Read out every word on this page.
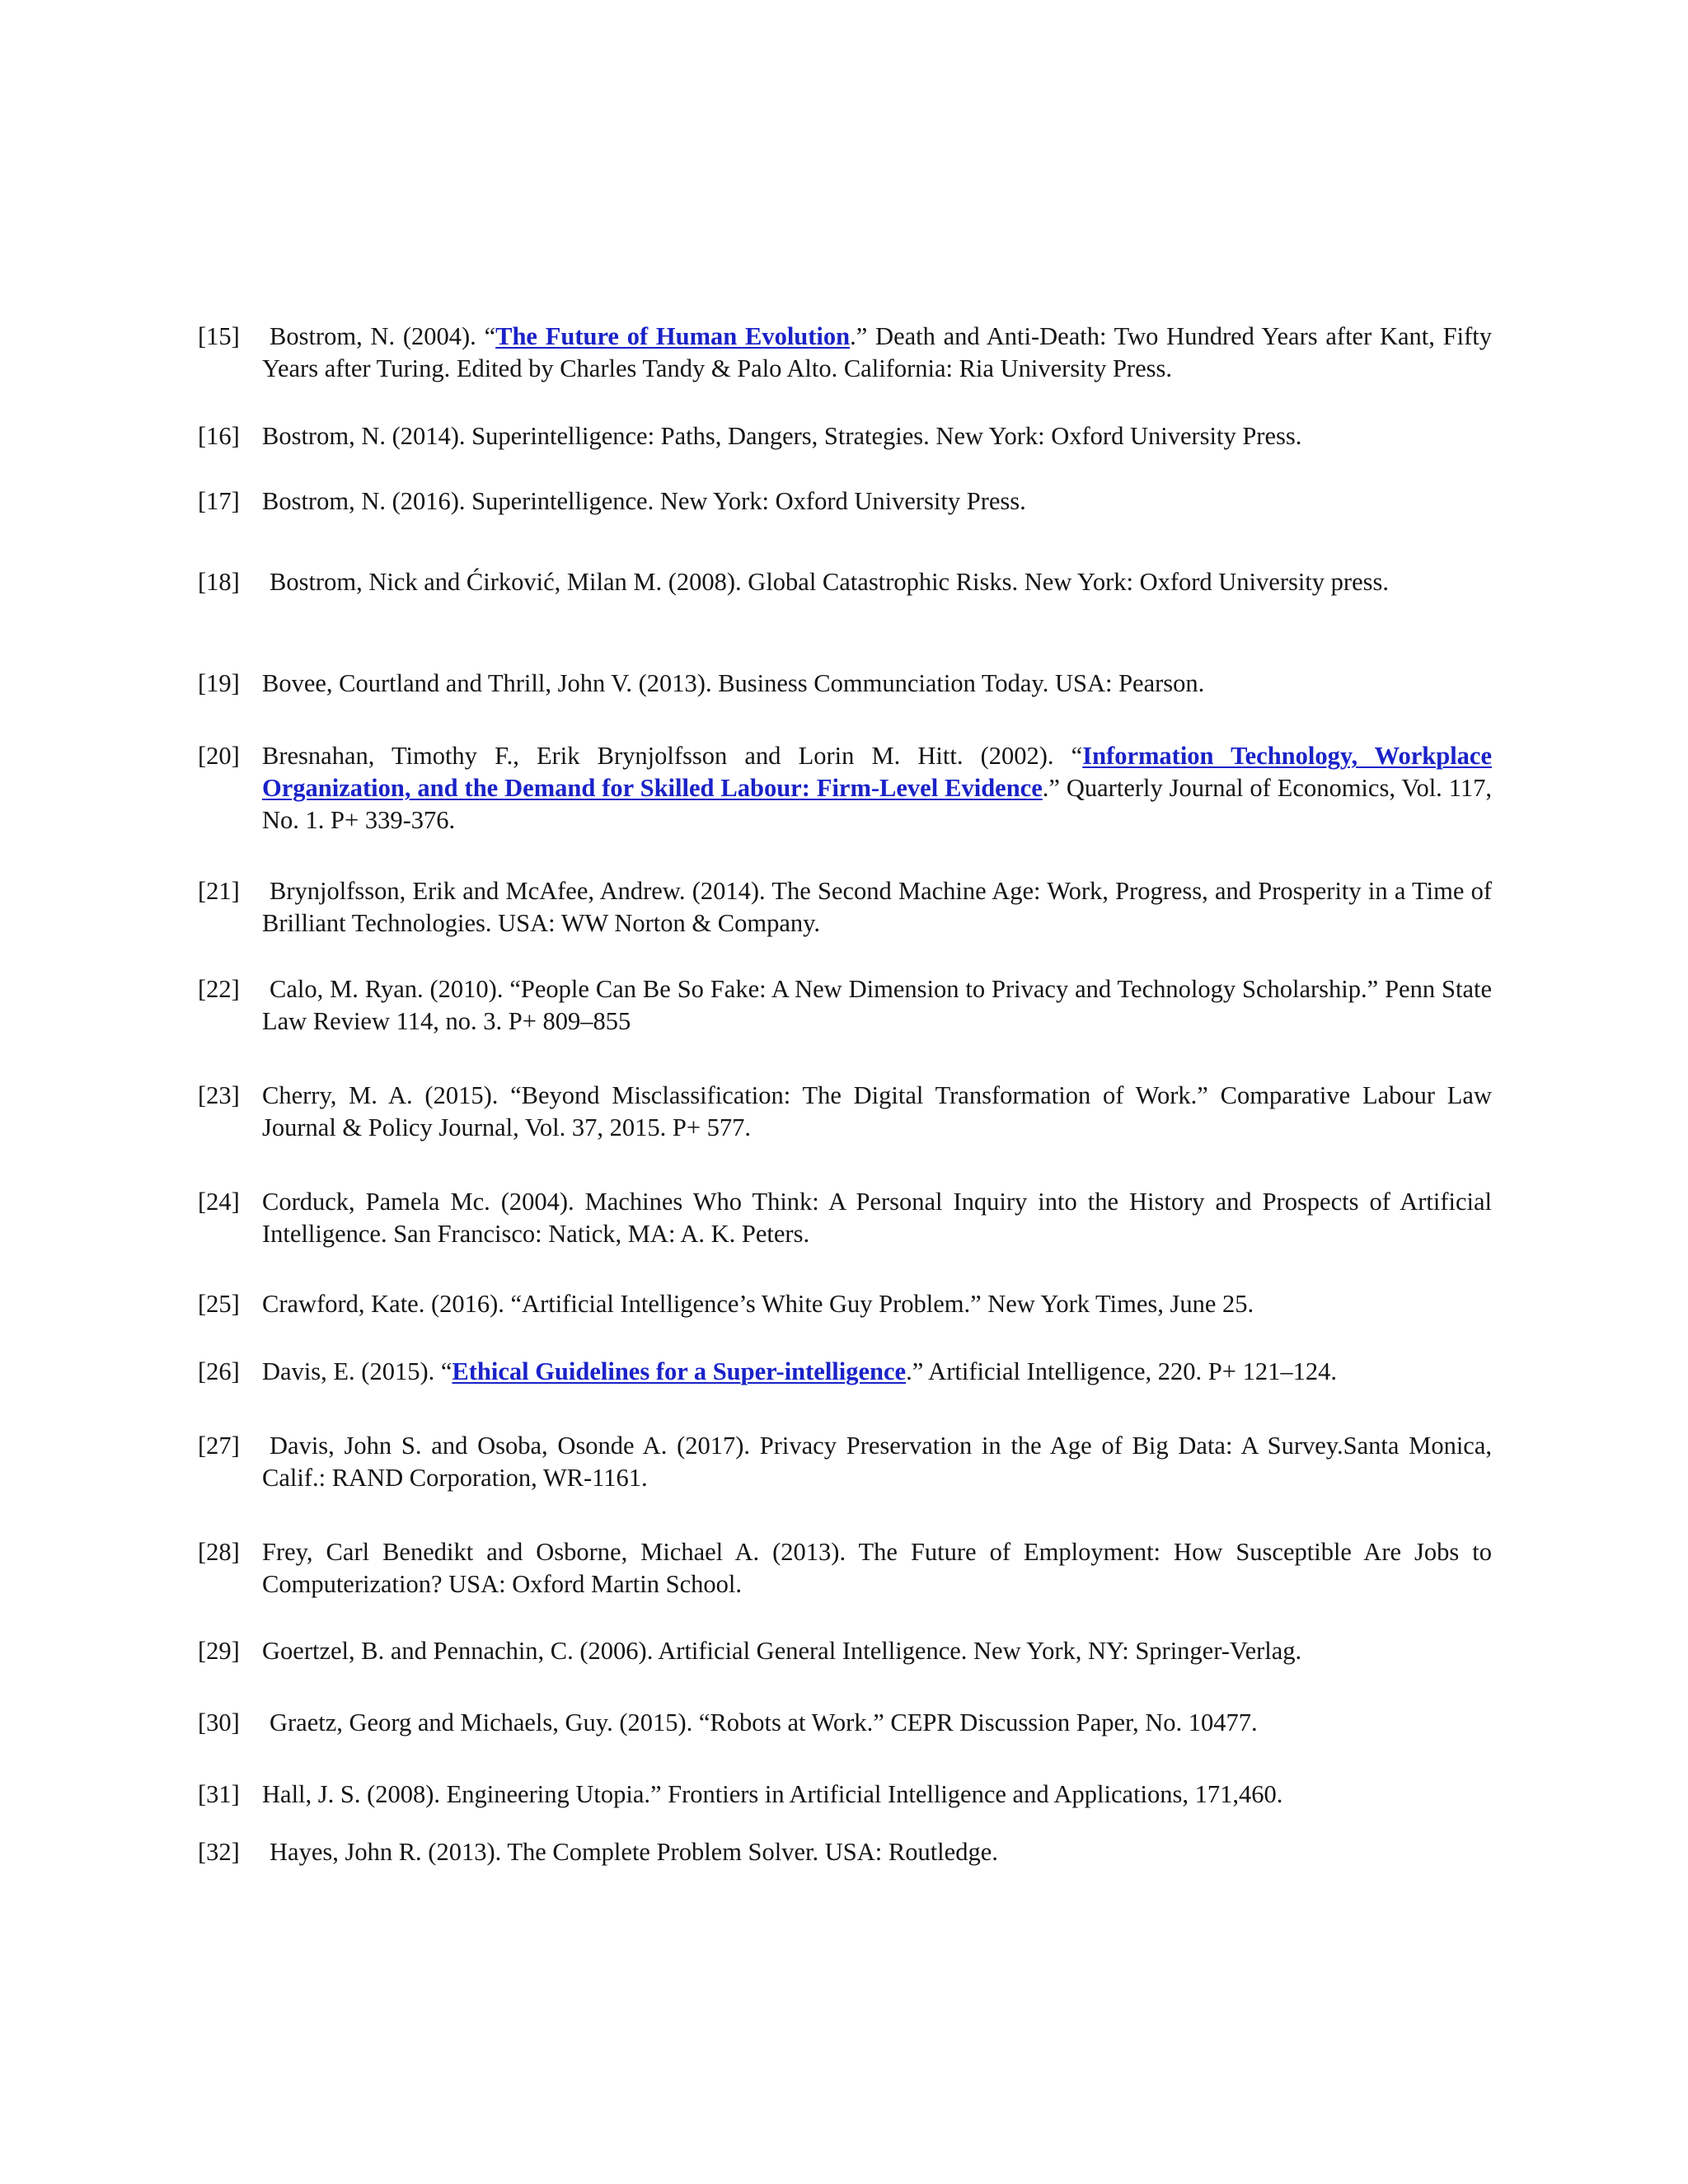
[15] Bostrom, N. (2004). “The Future of Human Evolution.” Death and Anti-Death: Two Hundred Years after Kant, Fifty Years after Turing. Edited by Charles Tandy & Palo Alto. California: Ria University Press.
[16] Bostrom, N. (2014). Superintelligence: Paths, Dangers, Strategies. New York: Oxford University Press.
[17] Bostrom, N. (2016). Superintelligence. New York: Oxford University Press.
[18] Bostrom, Nick and Ćirković, Milan M. (2008). Global Catastrophic Risks. New York: Oxford University press.
[19] Bovee, Courtland and Thrill, John V. (2013). Business Communciation Today. USA: Pearson.
[20] Bresnahan, Timothy F., Erik Brynjolfsson and Lorin M. Hitt. (2002). “Information Technology, Workplace Organization, and the Demand for Skilled Labour: Firm-Level Evidence.” Quarterly Journal of Economics, Vol. 117, No. 1. P+ 339-376.
[21] Brynjolfsson, Erik and McAfee, Andrew. (2014). The Second Machine Age: Work, Progress, and Prosperity in a Time of Brilliant Technologies. USA: WW Norton & Company.
[22] Calo, M. Ryan. (2010). “People Can Be So Fake: A New Dimension to Privacy and Technology Scholarship.” Penn State Law Review 114, no. 3. P+ 809–855
[23] Cherry, M. A. (2015). “Beyond Misclassification: The Digital Transformation of Work.” Comparative Labour Law Journal & Policy Journal, Vol. 37, 2015. P+ 577.
[24] Corduck, Pamela Mc. (2004). Machines Who Think: A Personal Inquiry into the History and Prospects of Artificial Intelligence. San Francisco: Natick, MA: A. K. Peters.
[25] Crawford, Kate. (2016). “Artificial Intelligence’s White Guy Problem.” New York Times, June 25.
[26] Davis, E. (2015). “Ethical Guidelines for a Super-intelligence.” Artificial Intelligence, 220. P+ 121–124.
[27] Davis, John S. and Osoba, Osonde A. (2017). Privacy Preservation in the Age of Big Data: A Survey.Santa Monica, Calif.: RAND Corporation, WR-1161.
[28] Frey, Carl Benedikt and Osborne, Michael A. (2013). The Future of Employment: How Susceptible Are Jobs to Computerization? USA: Oxford Martin School.
[29] Goertzel, B. and Pennachin, C. (2006). Artificial General Intelligence. New York, NY: Springer-Verlag.
[30] Graetz, Georg and Michaels, Guy. (2015). “Robots at Work.” CEPR Discussion Paper, No. 10477.
[31] Hall, J. S. (2008). Engineering Utopia.” Frontiers in Artificial Intelligence and Applications, 171,460.
[32] Hayes, John R. (2013). The Complete Problem Solver. USA: Routledge.
